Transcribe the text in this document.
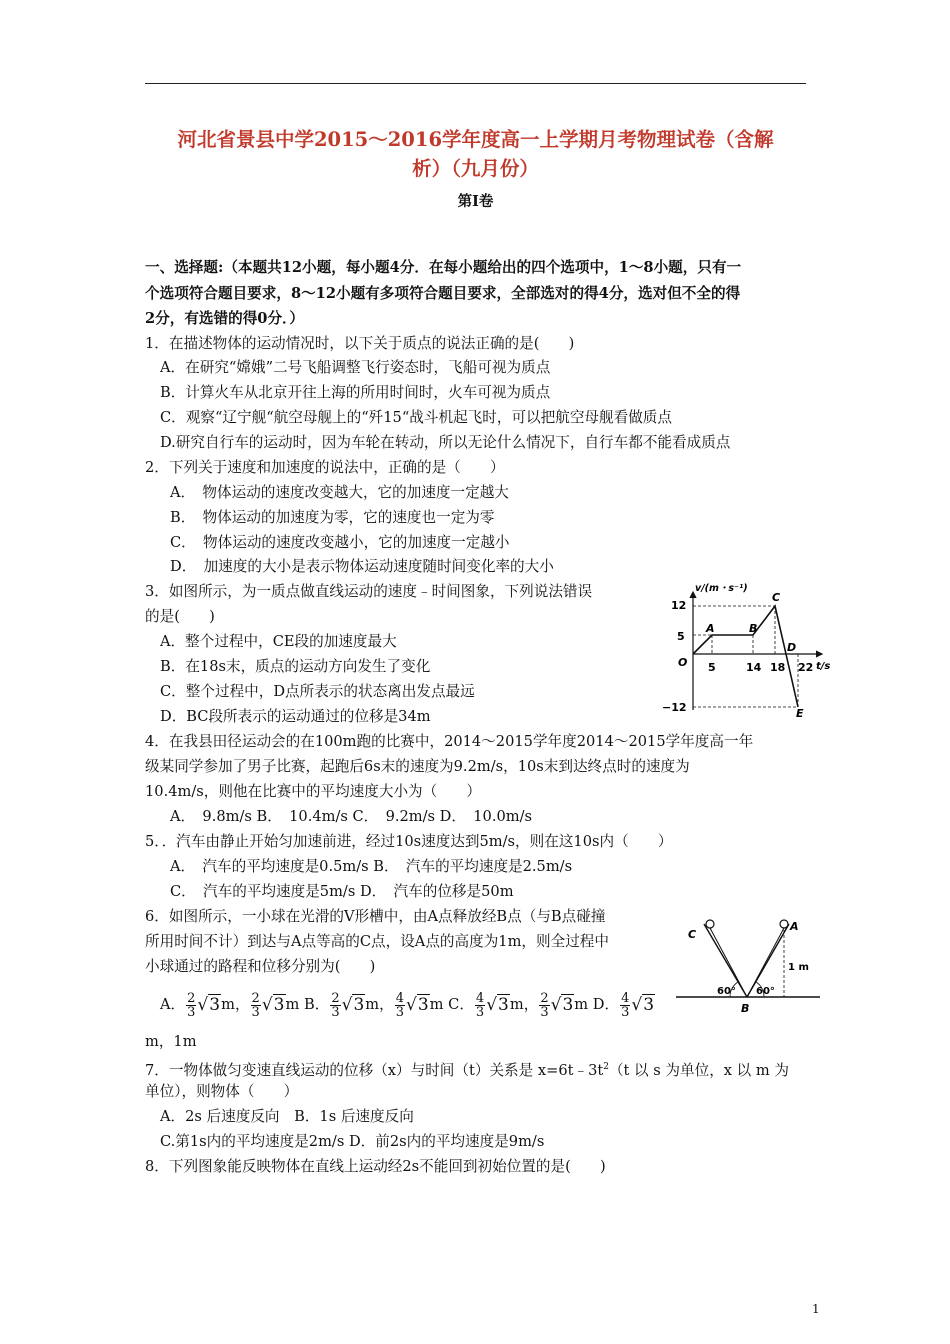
河北省景县中学2015～2016学年度高一上学期月考物理试卷（含解
析）（九月份）
第Ⅰ卷
一、选择题:（本题共12小题，每小题4分．在每小题给出的四个选项中，1～8小题，只有一
个选项符合题目要求，8～12小题有多项符合题目要求，全部选对的得4分，选对但不全的得
2分，有选错的得0分．）
1．在描述物体的运动情况时，以下关于质点的说法正确的是(　　)
A．在研究“嫦娥”二号飞船调整飞行姿态时，飞船可视为质点
B．计算火车从北京开往上海的所用时间时，火车可视为质点
C．观察“辽宁舰“航空母舰上的“歼15“战斗机起飞时，可以把航空母舰看做质点
D.研究自行车的运动时，因为车轮在转动，所以无论什么情况下，自行车都不能看成质点
2．下列关于速度和加速度的说法中，正确的是（　　）
A．　物体运动的速度改变越大，它的加速度一定越大
B．　物体运动的加速度为零，它的速度也一定为零
C．　物体运动的速度改变越小，它的加速度一定越小
D．　加速度的大小是表示物体运动速度随时间变化率的大小
3．如图所示，为一质点做直线运动的速度﹣时间图象，下列说法错误
的是(　　)
A．整个过程中，CE段的加速度最大
B．在18s末，质点的运动方向发生了变化
C．整个过程中，D点所表示的状态离出发点最远
D．BC段所表示的运动通过的位移是34m
v/(m・s⁻¹)
t/s
12
5
−12
O 5	14 18 22
A	B
C
D
E
4．在我县田径运动会的在100m跑的比赛中，2014～2015学年度2014～2015学年度高一年
级某同学参加了男子比赛，起跑后6s末的速度为9.2m/s，10s末到达终点时的速度为
10.4m/s，则他在比赛中的平均速度大小为（　　）
A．　9.8m/s B．　10.4m/s C．　9.2m/s D．　10.0m/s
5．．汽车由静止开始匀加速前进，经过10s速度达到5m/s，则在这10s内（　　）
A．　汽车的平均速度是0.5m/s B．　汽车的平均速度是2.5m/s
C．　汽车的平均速度是5m/s D．　汽车的位移是50m
6．如图所示，一小球在光滑的V形槽中，由A点释放经B点（与B点碰撞
所用时间不计）到达与A点等高的C点，设A点的高度为1m，则全过程中
小球通过的路程和位移分别为(　　)
A． $\frac{2}{3} √3m$， $\frac{2}{3} √3m$ B． $\frac{2}{3} √3m$， $\frac{4}{3} √3m$ C． $\frac{4}{3} √3m$， $\frac{2}{3} √3m$ D． $\frac{4}{3} √3$
m，1m
C
A
B
1 m
60° 60°
7．一物体做匀变速直线运动的位移（x）与时间（t）关系是 $x=6t﹣3t^2(t$ 以 s 为单位，x 以 m 为
单位），则物体（　　）
A．2s 后速度反向　B．1s 后速度反向
C.第1s内的平均速度是2m/s D．前2s内的平均速度是9m/s
8．下列图象能反映物体在直线上运动经2s不能回到初始位置的是(　　)
1
